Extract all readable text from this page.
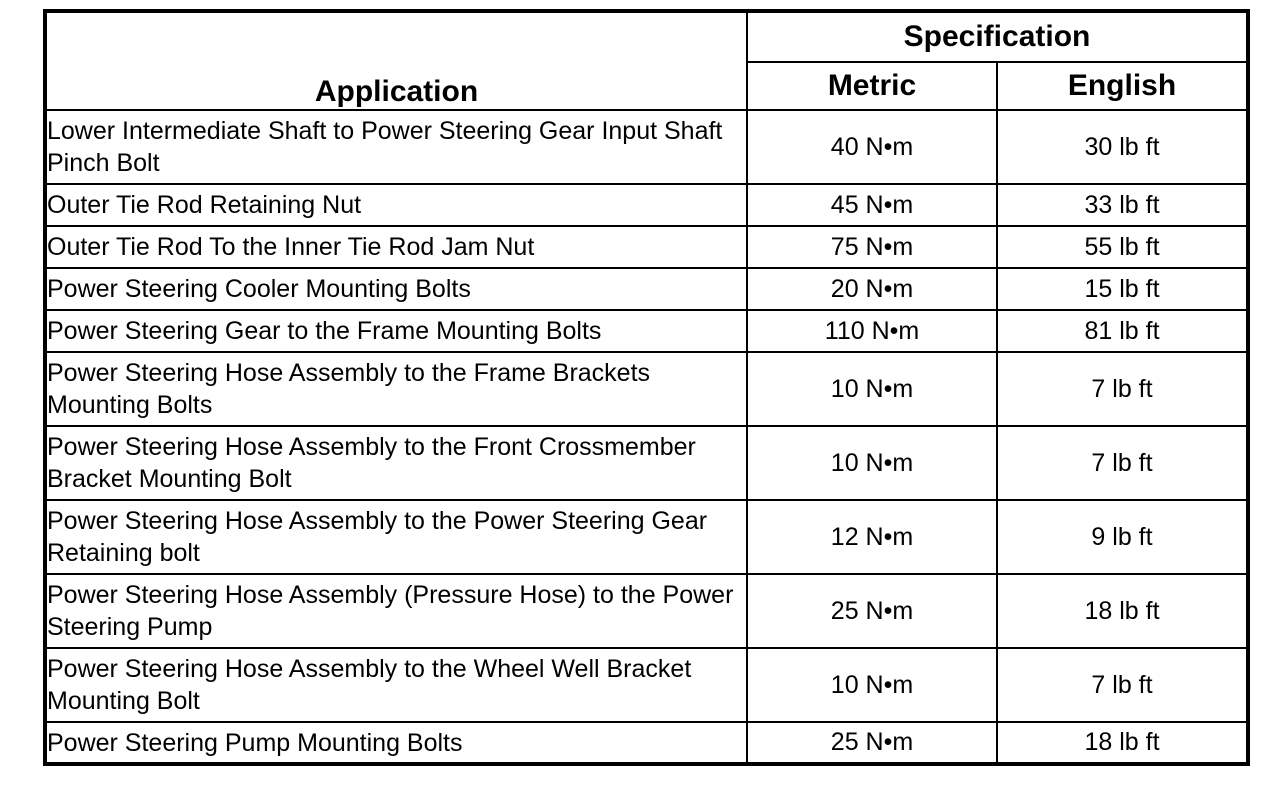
Application	Specification	
	Metric	English
Lower Intermediate Shaft to Power Steering Gear Input Shaft Pinch Bolt	40 N•m	30 lb ft
Outer Tie Rod Retaining Nut	45 N•m	33 lb ft
Outer Tie Rod To the Inner Tie Rod Jam Nut	75 N•m	55 lb ft
Power Steering Cooler Mounting Bolts	20 N•m	15 lb ft
Power Steering Gear to the Frame Mounting Bolts	110 N•m	81 lb ft
Power Steering Hose Assembly to the Frame Brackets Mounting Bolts	10 N•m	7 lb ft
Power Steering Hose Assembly to the Front Crossmember Bracket Mounting Bolt	10 N•m	7 lb ft
Power Steering Hose Assembly to the Power Steering Gear Retaining bolt	12 N•m	9 lb ft
Power Steering Hose Assembly (Pressure Hose) to the Power Steering Pump	25 N•m	18 lb ft
Power Steering Hose Assembly to the Wheel Well Bracket Mounting Bolt	10 N•m	7 lb ft
Power Steering Pump Mounting Bolts	25 N•m	18 lb ft
